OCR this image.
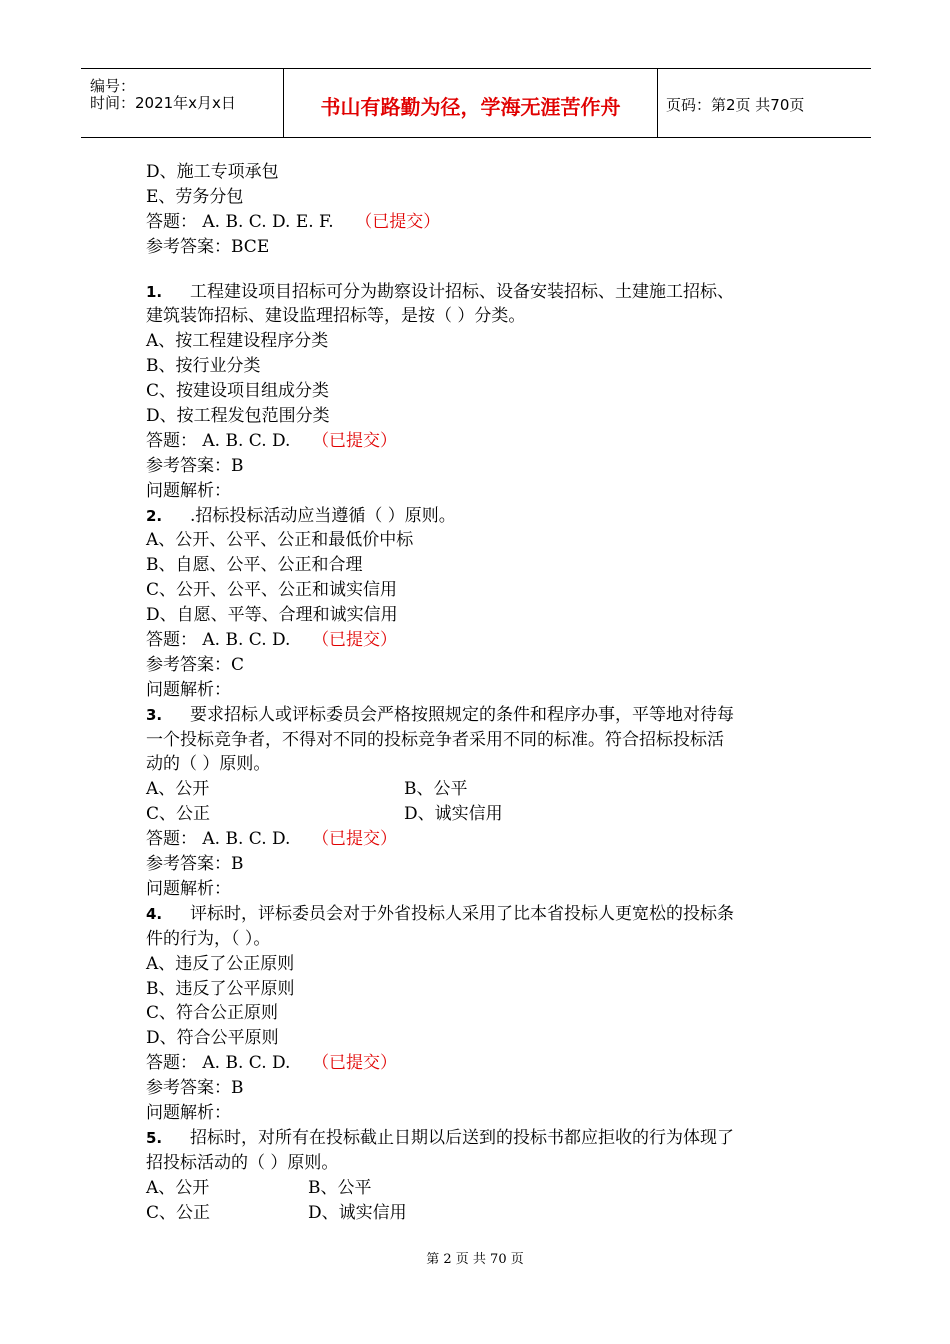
编号：
时间：2021年x月x日	书山有路勤为径，学海无涯苦作舟	页码：第2页 共70页
D、施工专项承包
E、劳务分包
答题： A. B. C. D. E. F. （已提交）
参考答案：BCE
1. 工程建设项目招标可分为勘察设计招标、设备安装招标、土建施工招标、
建筑装饰招标、建设监理招标等，是按（ ）分类。
A、按工程建设程序分类
B、按行业分类
C、按建设项目组成分类
D、按工程发包范围分类
答题： A. B. C. D. （已提交）
参考答案：B
问题解析：
2. .招标投标活动应当遵循（ ）原则。
A、公开、公平、公正和最低价中标
B、自愿、公平、公正和合理
C、公开、公平、公正和诚实信用
D、自愿、平等、合理和诚实信用
答题： A. B. C. D. （已提交）
参考答案：C
问题解析：
3. 要求招标人或评标委员会严格按照规定的条件和程序办事，平等地对待每
一个投标竞争者，不得对不同的投标竞争者采用不同的标准。符合招标投标活
动的（ ）原则。
A、公开	B、公平
C、公正	D、诚实信用
答题： A. B. C. D. （已提交）
参考答案：B
问题解析：
4. 评标时，评标委员会对于外省投标人采用了比本省投标人更宽松的投标条
件的行为，（ ）。
A、违反了公正原则
B、违反了公平原则
C、符合公正原则
D、符合公平原则
答题： A. B. C. D. （已提交）
参考答案：B
问题解析：
5. 招标时，对所有在投标截止日期以后送到的投标书都应拒收的行为体现了
招投标活动的（ ）原则。
A、公开	B、公平
C、公正	D、诚实信用
第 2 页 共 70 页
